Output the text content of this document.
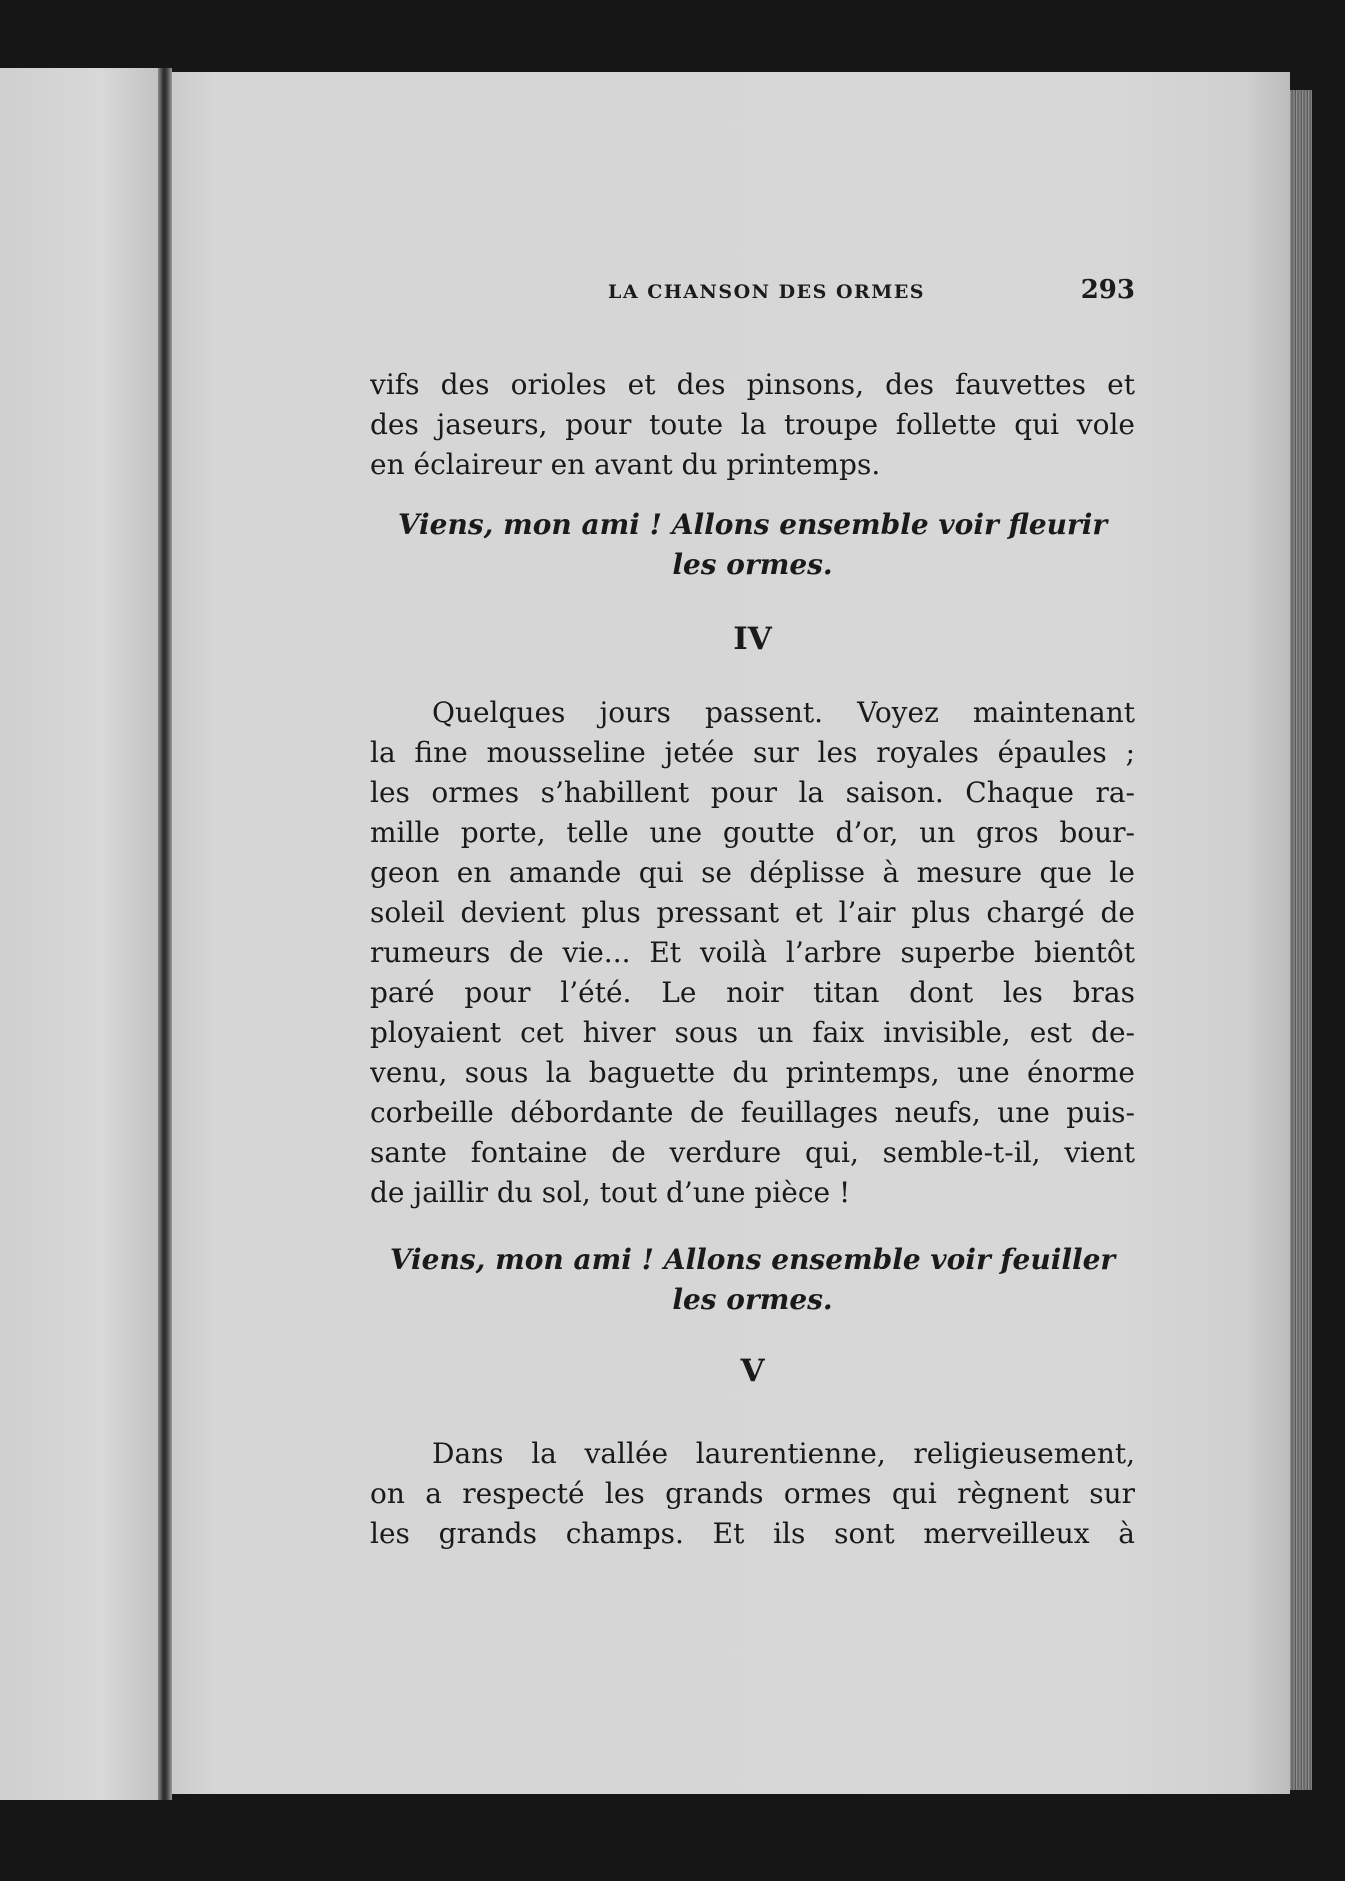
LA CHANSON DES ORMES	293
vifs des orioles et des pinsons, des fauvettes et
des jaseurs, pour toute la troupe follette qui vole
en éclaireur en avant du printemps.
Viens, mon ami ! Allons ensemble voir fleurir
les ormes.
IV
Quelques jours passent. Voyez maintenant
la fine mousseline jetée sur les royales épaules ;
les ormes s’habillent pour la saison. Chaque ra-
mille porte, telle une goutte d’or, un gros bour-
geon en amande qui se déplisse à mesure que le
soleil devient plus pressant et l’air plus chargé de
rumeurs de vie... Et voilà l’arbre superbe bientôt
paré pour l’été. Le noir titan dont les bras
ployaient cet hiver sous un faix invisible, est de-
venu, sous la baguette du printemps, une énorme
corbeille débordante de feuillages neufs, une puis-
sante fontaine de verdure qui, semble-t-il, vient
de jaillir du sol, tout d’une pièce !
Viens, mon ami ! Allons ensemble voir feuiller
les ormes.
V
Dans la vallée laurentienne, religieusement,
on a respecté les grands ormes qui règnent sur
les grands champs. Et ils sont merveilleux à
